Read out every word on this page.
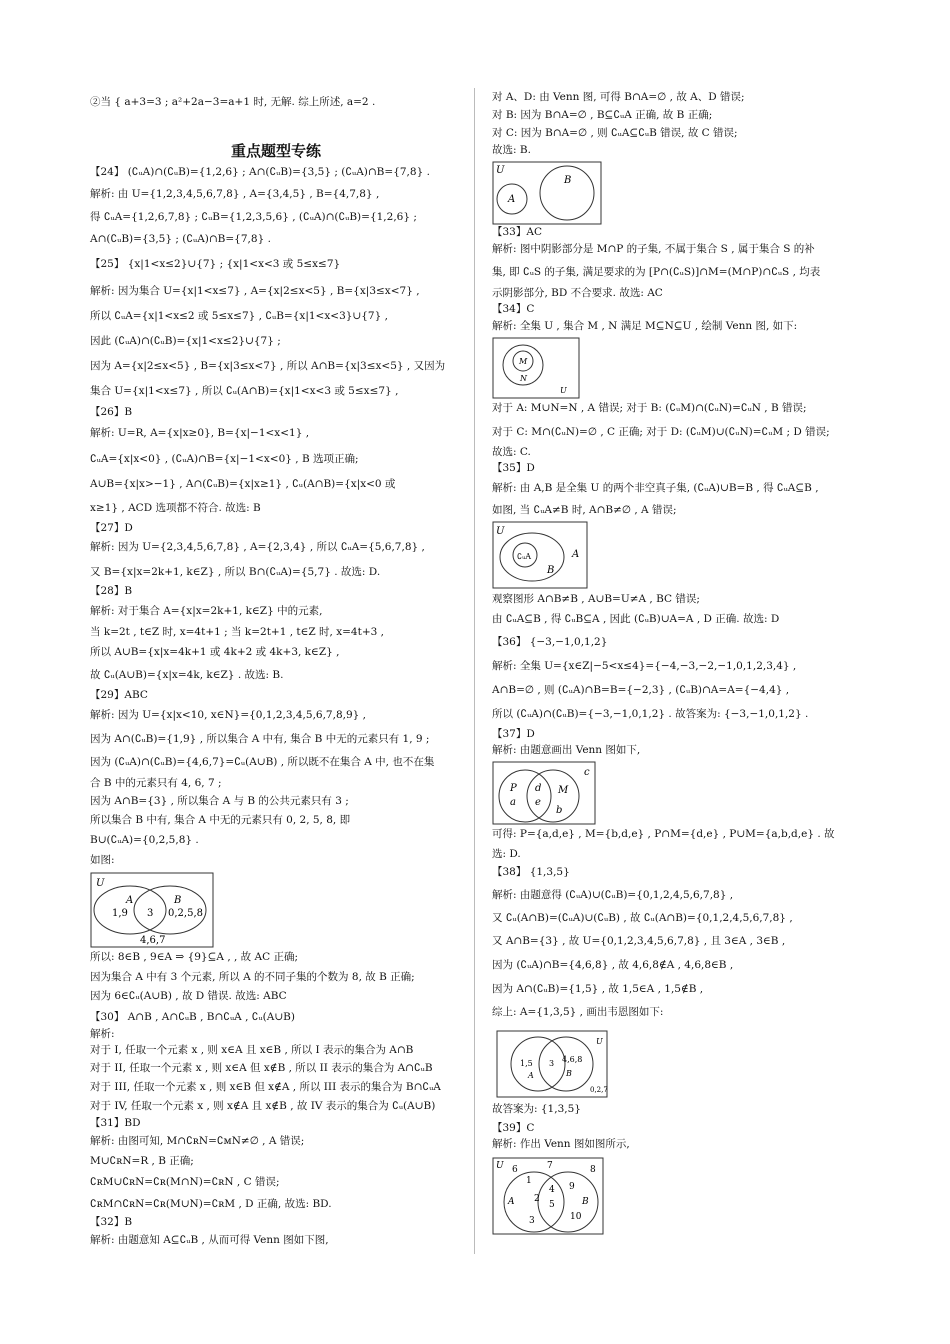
重点题型专练
②当 { a+3=3 ; a²+2a−3=a+1 时, 无解. 综上所述, a=2 .
【24】 (∁ᵤA)∩(∁ᵤB)={1,2,6} ; A∩(∁ᵤB)={3,5} ; (∁ᵤA)∩B={7,8} .
解析: 由 U={1,2,3,4,5,6,7,8} , A={3,4,5} , B={4,7,8} ,
得 ∁ᵤA={1,2,6,7,8} ; ∁ᵤB={1,2,3,5,6} , (∁ᵤA)∩(∁ᵤB)={1,2,6} ;
A∩(∁ᵤB)={3,5} ; (∁ᵤA)∩B={7,8} .
【25】 {x|1<x≤2}∪{7} ; {x|1<x<3 或 5≤x≤7}
解析: 因为集合 U={x|1<x≤7} , A={x|2≤x<5} , B={x|3≤x<7} ,
所以 ∁ᵤA={x|1<x≤2 或 5≤x≤7} , ∁ᵤB={x|1<x<3}∪{7} ,
因此 (∁ᵤA)∩(∁ᵤB)={x|1<x≤2}∪{7} ;
因为 A={x|2≤x<5} , B={x|3≤x<7} , 所以 A∩B={x|3≤x<5} , 又因为
集合 U={x|1<x≤7} , 所以 ∁ᵤ(A∩B)={x|1<x<3 或 5≤x≤7} ,
【26】B
解析: U=R, A={x|x≥0}, B={x|−1<x<1} ,
∁ᵤA={x|x<0} , (∁ᵤA)∩B={x|−1<x<0} , B 选项正确;
A∪B={x|x>−1} , A∩(∁ᵤB)={x|x≥1} , ∁ᵤ(A∩B)={x|x<0 或
x≥1} , ACD 选项都不符合. 故选: B
【27】D
解析: 因为 U={2,3,4,5,6,7,8} , A={2,3,4} , 所以 ∁ᵤA={5,6,7,8} ,
又 B={x|x=2k+1, k∈Z} , 所以 B∩(∁ᵤA)={5,7} . 故选: D.
【28】B
解析: 对于集合 A={x|x=2k+1, k∈Z} 中的元素,
当 k=2t , t∈Z 时, x=4t+1 ; 当 k=2t+1 , t∈Z 时, x=4t+3 ,
所以 A∪B={x|x=4k+1 或 4k+2 或 4k+3, k∈Z} ,
故 ∁ᵤ(A∪B)={x|x=4k, k∈Z} . 故选: B.
【29】ABC
解析: 因为 U={x|x<10, x∈N}={0,1,2,3,4,5,6,7,8,9} ,
因为 A∩(∁ᵤB)={1,9} , 所以集合 A 中有, 集合 B 中无的元素只有 1, 9 ;
因为 (∁ᵤA)∩(∁ᵤB)={4,6,7}=∁ᵤ(A∪B) , 所以既不在集合 A 中, 也不在集
合 B 中的元素只有 4, 6, 7 ;
因为 A∩B={3} , 所以集合 A 与 B 的公共元素只有 3 ;
所以集合 B 中有, 集合 A 中无的元素只有 0, 2, 5, 8, 即
B∪(∁ᵤA)={0,2,5,8} .
如图:
所以: 8∈B , 9∈A ⇒ {9}⊆A , , 故 AC 正确;
因为集合 A 中有 3 个元素, 所以 A 的不同子集的个数为 8, 故 B 正确;
因为 6∈∁ᵤ(A∪B) , 故 D 错误. 故选: ABC
【30】 A∩B , A∩∁ᵤB , B∩∁ᵤA , ∁ᵤ(A∪B)
解析:
对于 I, 任取一个元素 x , 则 x∈A 且 x∈B , 所以 I 表示的集合为 A∩B
对于 II, 任取一个元素 x , 则 x∈A 但 x∉B , 所以 II 表示的集合为 A∩∁ᵤB
对于 III, 任取一个元素 x , 则 x∈B 但 x∉A , 所以 III 表示的集合为 B∩∁ᵤA
对于 IV, 任取一个元素 x , 则 x∉A 且 x∉B , 故 IV 表示的集合为 ∁ᵤ(A∪B)
【31】BD
解析: 由图可知, M∩∁ʀN=∁ᴍN≠∅ , A 错误;
M∪∁ʀN=R , B 正确;
∁ʀM∪∁ʀN=∁ʀ(M∩N)=∁ʀN , C 错误;
∁ʀM∩∁ʀN=∁ʀ(M∪N)=∁ʀM , D 正确, 故选: BD.
【32】B
解析: 由题意知 A⊆∁ᵤB , 从而可得 Venn 图如下图,
U
A	B
1,9 3 0,2,5,8
4,6,7
对 A、D: 由 Venn 图, 可得 B∩A=∅ , 故 A、D 错误;
对 B: 因为 B∩A=∅ , B⊆∁ᵤA 正确, 故 B 正确;
对 C: 因为 B∩A=∅ , 则 ∁ᵤA⊆∁ᵤB 错误, 故 C 错误;
故选: B.
【33】AC
解析: 图中阴影部分是 M∩P 的子集, 不属于集合 S , 属于集合 S 的补
集, 即 ∁ᵤS 的子集, 满足要求的为 [P∩(∁ᵤS)]∩M=(M∩P)∩∁ᵤS , 均表
示阴影部分, BD 不合要求. 故选: AC
【34】C
解析: 全集 U , 集合 M , N 满足 M⊆N⊆U , 绘制 Venn 图, 如下:
对于 A: M∪N=N , A 错误; 对于 B: (∁ᵤM)∩(∁ᵤN)=∁ᵤN , B 错误;
对于 C: M∩(∁ᵤN)=∅ , C 正确; 对于 D: (∁ᵤM)∪(∁ᵤN)=∁ᵤM ; D 错误;
故选: C.
【35】D
解析: 由 A,B 是全集 U 的两个非空真子集, (∁ᵤA)∪B=B , 得 ∁ᵤA⊆B ,
如图, 当 ∁ᵤA≠B 时, A∩B≠∅ , A 错误;
观察图形 A∩B≠B , A∪B=U≠A , BC 错误;
由 ∁ᵤA⊆B , 得 ∁ᵤB⊆A , 因此 (∁ᵤB)∪A=A , D 正确. 故选: D
【36】 {−3,−1,0,1,2}
解析: 全集 U={x∈Z|−5<x≤4}={−4,−3,−2,−1,0,1,2,3,4} ,
A∩B=∅ , 则 (∁ᵤA)∩B=B={−2,3} , (∁ᵤB)∩A=A={−4,4} ,
所以 (∁ᵤA)∩(∁ᵤB)={−3,−1,0,1,2} . 故答案为: {−3,−1,0,1,2} .
【37】D
解析: 由题意画出 Venn 图如下,
可得: P={a,d,e} , M={b,d,e} , P∩M={d,e} , P∪M={a,b,d,e} . 故
选: D.
【38】 {1,3,5}
解析: 由题意得 (∁ᵤA)∪(∁ᵤB)={0,1,2,4,5,6,7,8} ,
又 ∁ᵤ(A∩B)=(∁ᵤA)∪(∁ᵤB) , 故 ∁ᵤ(A∩B)={0,1,2,4,5,6,7,8} ,
又 A∩B={3} , 故 U={0,1,2,3,4,5,6,7,8} , 且 3∈A , 3∈B ,
因为 (∁ᵤA)∩B={4,6,8} , 故 4,6,8∉A , 4,6,8∈B ,
因为 A∩(∁ᵤB)={1,5} , 故 1,5∈A , 1,5∉B ,
综上: A={1,3,5} , 画出韦恩图如下:
故答案为: {1,3,5}
【39】C
解析: 作出 Venn 图如图所示,
U
A
B
M
N
U
U
∁ᵤA	A
B
c
P
a
d
e
M
b
U
1,5
A
3 4,6,8
B
0,2,7
U 6	7	8
1
4 9
A 2	B
5
3	10
